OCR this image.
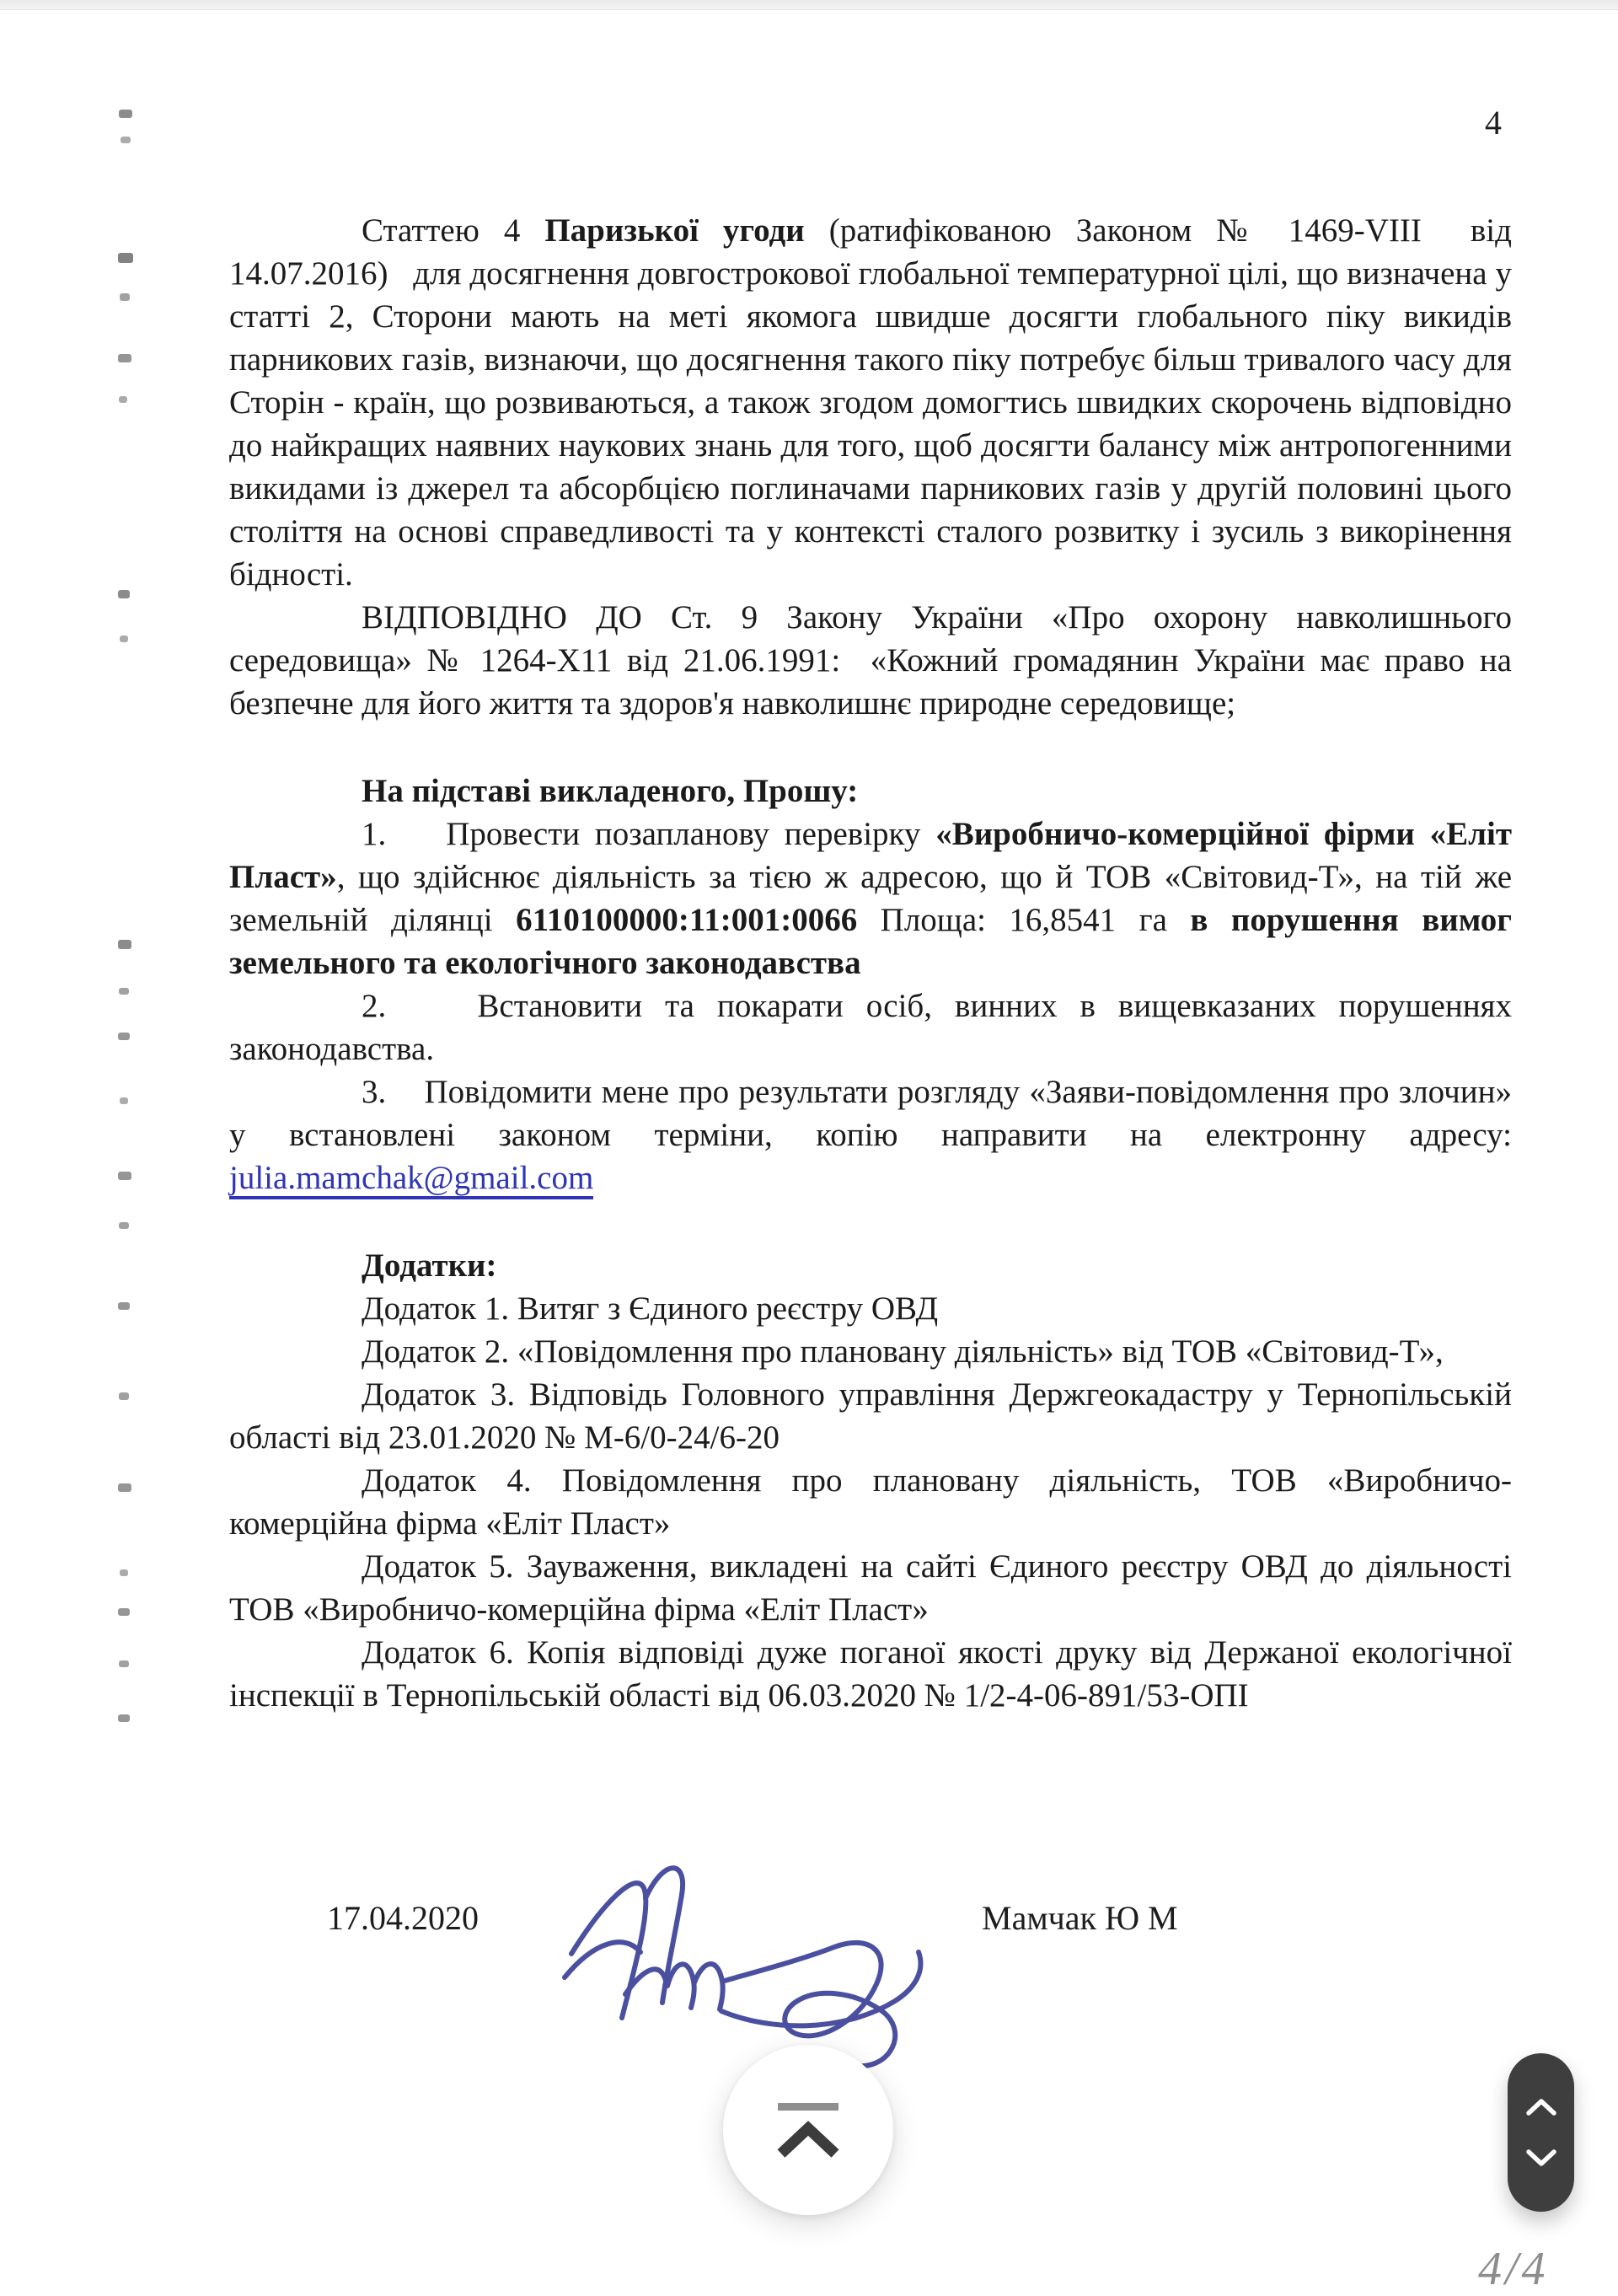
4

Статтею 4 Паризької угоди (ратифікованою Законом № 1469-VIII  від 14.07.2016)   для досягнення довгострокової глобальної температурної цілі, що визначена у статті 2, Сторони мають на меті якомога швидше досягти глобального піку викидів парникових газів, визнаючи, що досягнення такого піку потребує більш тривалого часу для Сторін - країн, що розвиваються, а також згодом домогтись швидких скорочень відповідно до найкращих наявних наукових знань для того, щоб досягти балансу між антропогенними викидами із джерел та абсорбцією поглиначами парникових газів у другій половині цього століття на основі справедливості та у контексті сталого розвитку і зусиль з викорінення бідності.

ВІДПОВІДНО ДО Ст. 9 Закону України «Про охорону навколишнього середовища» № 1264-X11 від 21.06.1991:  «Кожний громадянин України має право на безпечне для його життя та здоров'я навколишнє природне середовище;

На підставі викладеного, Прошу:

1.    Провести позапланову перевірку «Виробничо-комерційної фірми «Еліт Пласт», що здійснює діяльність за тією ж адресою, що й ТОВ «Світовид-Т», на тій же земельній ділянці 6110100000:11:001:0066 Площа: 16,8541 га в порушення вимог земельного та екологічного законодавства

2.    Встановити та покарати осіб, винних в вищевказаних порушеннях законодавства.

3.    Повідомити мене про результати розгляду «Заяви-повідомлення про злочин» у встановлені законом терміни, копію направити на електронну адресу: julia.mamchak@gmail.com

Додатки:

Додаток 1. Витяг з Єдиного реєстру ОВД

Додаток 2. «Повідомлення про плановану діяльність» від ТОВ «Світовид-Т»,

Додаток 3. Відповідь Головного управління Держгеокадастру у Тернопільській області від 23.01.2020 № М-6/0-24/6-20

Додаток 4. Повідомлення про плановану діяльність, ТОВ «Виробничо-комерційна фірма «Еліт Пласт»

Додаток 5. Зауваження, викладені на сайті Єдиного реєстру ОВД до діяльності ТОВ «Виробничо-комерційна фірма «Еліт Пласт»

Додаток 6. Копія відповіді дуже поганої якості друку від Держаної екологічної інспекції в Тернопільській області від 06.03.2020 № 1/2-4-06-891/53-ОПІ

17.04.2020	Мамчак Ю М
4/4
